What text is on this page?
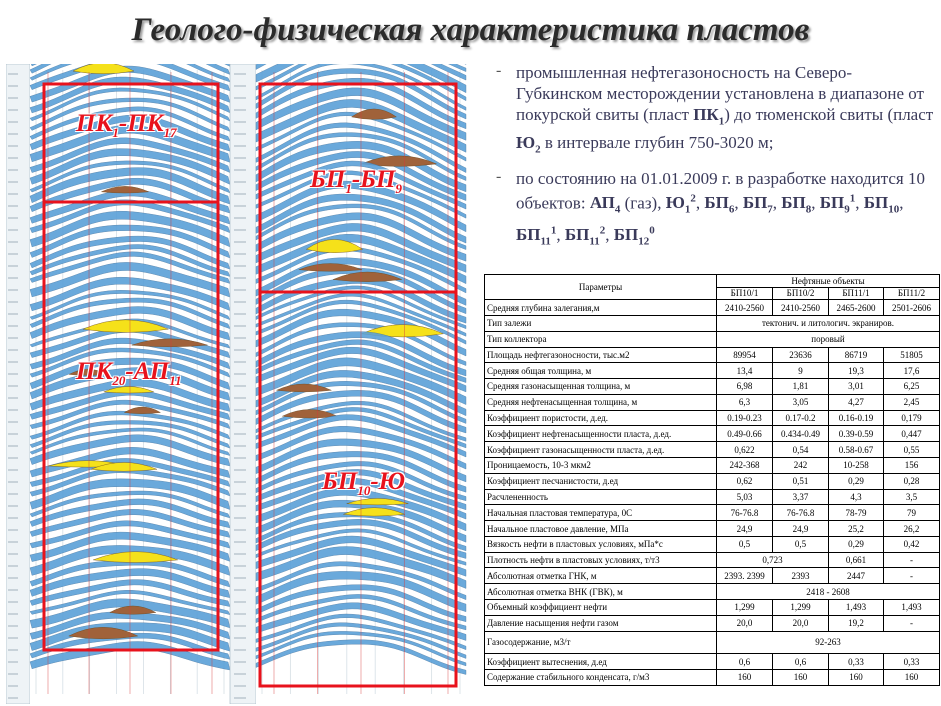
Геолого-физическая характеристика пластов
$ПК_1-ПК_{17}$
$ПК_{20}-АП_{11}$
$БП_1-БП_9$
$БП_{10}-Ю$
- промышленная нефтегазоносность на Северо-Губкинском месторождении установлена в диапазоне от покурской свиты (пласт $ПК_1$) до тюменской свиты (пласт $Ю_2$ в интервале глубин 750-3020 м;
- по состоянию на 01.01.2009 г. в разработке находится 10 объектов: $АП_4$ (газ), $Ю_1^2$, $БП_6$, $БП_7$, $БП_8$, $БП_9^1$, $БП_{10}$, $БП_{11}^1$, $БП_{11}^2$, $БП_{12}^0$
Параметры	Нефтяные объекты			
	БП10/1	БП10/2	БП11/1	БП11/2
Средняя глубина залегания,м	2410-2560	2410-2560	2465-2600	2501-2606
Тип залежи	тектонич. и литологич. экраниров.			
Тип коллектора	поровый			
Площадь нефтегазоносности, тыс.м2	89954	23636	86719	51805
Средняя общая толщина, м	13,4	9	19,3	17,6
Средняя газонасыщенная толщина, м	6,98	1,81	3,01	6,25
Средняя нефтенасыщенная толщина, м	6,3	3,05	4,27	2,45
Коэффициент пористости, д.ед.	0.19-0.23	0.17-0.2	0.16-0.19	0,179
Коэффициент нефтенасыщенности пласта, д.ед.	0.49-0.66	0.434-0.49	0.39-0.59	0,447
Коэффициент газонасыщенности пласта, д.ед.	0,622	0,54	0.58-0.67	0,55
Проницаемость, 10-3 мкм2	242-368	242	10-258	156
Коэффициент песчанистости, д.ед	0,62	0,51	0,29	0,28
Расчлененность	5,03	3,37	4,3	3,5
Начальная пластовая температура, 0С	76-76.8	76-76.8	78-79	79
Начальное пластовое давление, МПа	24,9	24,9	25,2	26,2
Вязкость нефти в пластовых условиях, мПа*с	0,5	0,5	0,29	0,42
Плотность нефти в пластовых условиях, т/т3	0,723		0,661	-
Абсолютная отметка ГНК, м	2393. 2399	2393	2447	-
Абсолютная отметка ВНК (ГВК), м	2418 - 2608			
Объемный коэффициент нефти	1,299	1,299	1,493	1,493
Давление насыщения нефти газом	20,0	20,0	19,2	-
Газосодержание, м3/т	92-263			
Коэффициент вытеснения, д.ед	0,6	0,6	0,33	0,33
Содержание стабильного конденсата, г/м3	160	160	160	160
